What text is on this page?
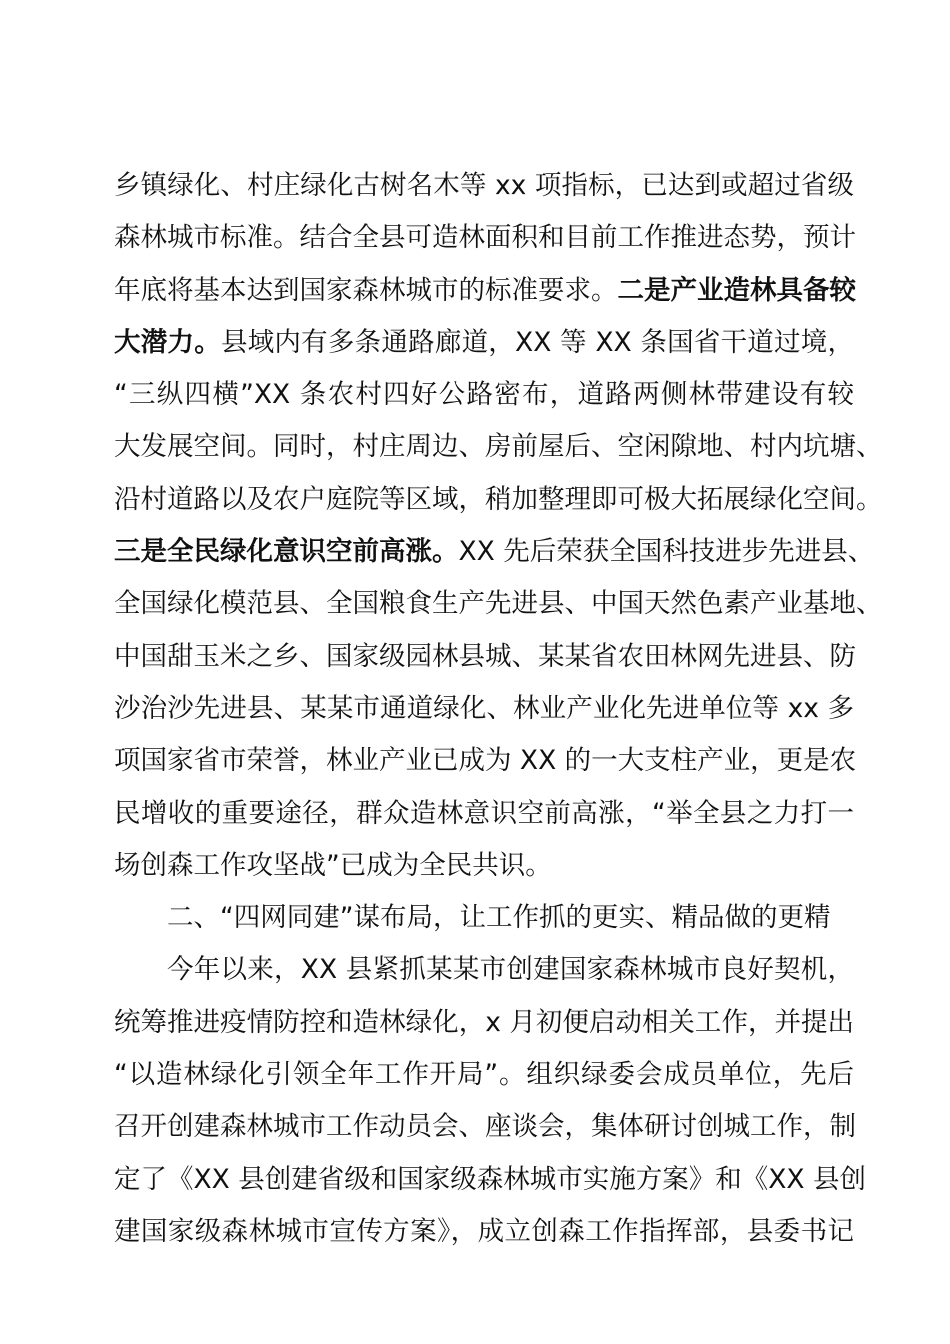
乡镇绿化、村庄绿化古树名木等 xx 项指标，已达到或超过省级
森林城市标准。结合全县可造林面积和目前工作推进态势，预计
年底将基本达到国家森林城市的标准要求。二是产业造林具备较
大潜力。县域内有多条通路廊道，XX 等 XX 条国省干道过境，
“三纵四横”XX 条农村四好公路密布，道路两侧林带建设有较
大发展空间。同时，村庄周边、房前屋后、空闲隙地、村内坑塘、
沿村道路以及农户庭院等区域，稍加整理即可极大拓展绿化空间。
三是全民绿化意识空前高涨。XX 先后荣获全国科技进步先进县、
全国绿化模范县、全国粮食生产先进县、中国天然色素产业基地、
中国甜玉米之乡、国家级园林县城、某某省农田林网先进县、防
沙治沙先进县、某某市通道绿化、林业产业化先进单位等 xx 多
项国家省市荣誉，林业产业已成为 XX 的一大支柱产业，更是农
民增收的重要途径，群众造林意识空前高涨，“举全县之力打一
场创森工作攻坚战”已成为全民共识。
二、“四网同建”谋布局，让工作抓的更实、精品做的更精
今年以来，XX 县紧抓某某市创建国家森林城市良好契机，
统筹推进疫情防控和造林绿化，x 月初便启动相关工作，并提出
“以造林绿化引领全年工作开局”。组织绿委会成员单位，先后
召开创建森林城市工作动员会、座谈会，集体研讨创城工作，制
定了《XX 县创建省级和国家级森林城市实施方案》和《XX 县创
建国家级森林城市宣传方案》，成立创森工作指挥部，县委书记
